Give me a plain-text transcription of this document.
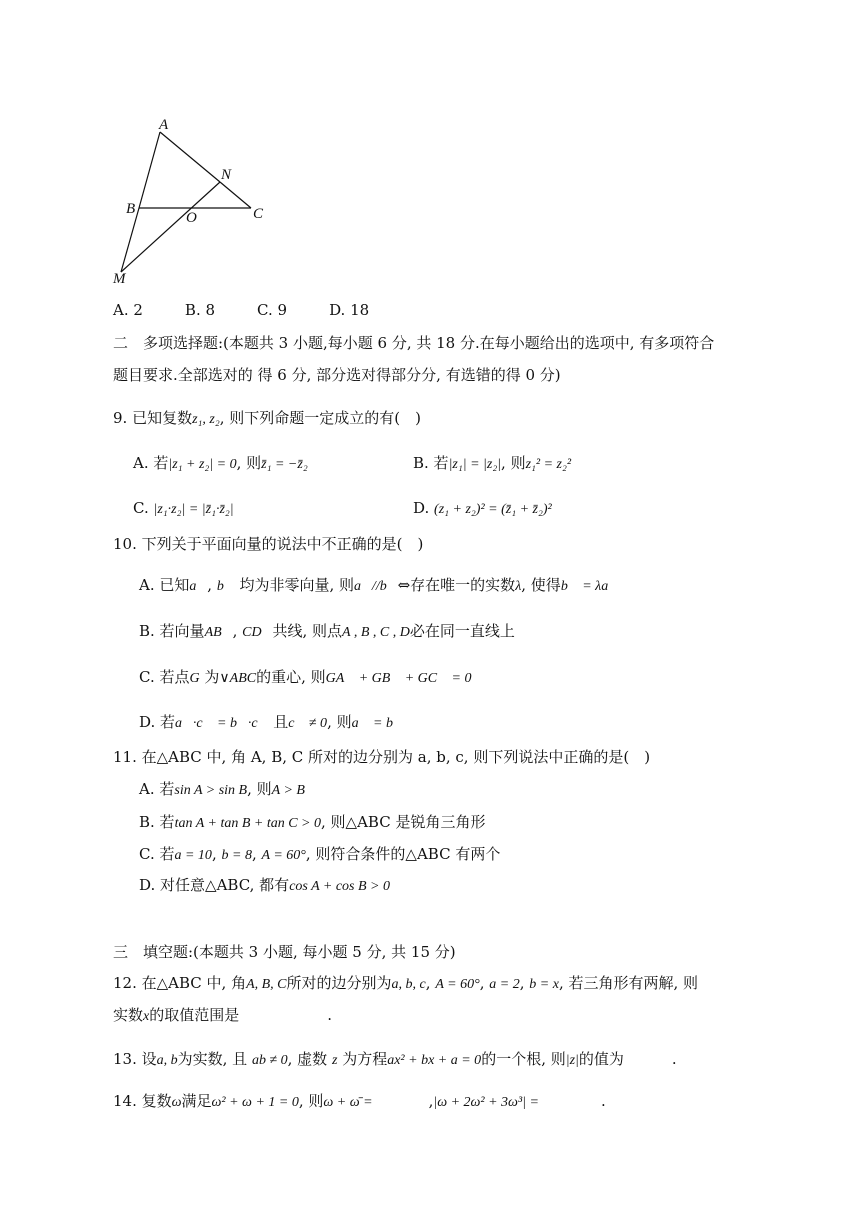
A
N
B
O	C
M
A. 2	B. 8	C. 9	D. 18
二　多项选择题:(本题共 3 小题,每小题 6 分, 共 18 分.在每小题给出的选项中, 有多项符合
题目要求.全部选对的 得 6 分, 部分选对得部分分, 有选错的得 0 分)
9. 已知复数z₁, z₂, 则下列命题一定成立的有(　)
A. 若|z₁ + z₂| = 0, 则z̄₁ = −z̄₂	B. 若|z₁| = |z₂|, 则z₁² = z₂²
C. |z₁·z₂| = |z̄₁·z̄₂|	D. (z₁ + z₂)² = (z̄₁ + z̄₂)²
10. 下列关于平面向量的说法中不正确的是(　)
A. 已知a⃗, b⃗ 均为非零向量, 则a⃗//b⃗⇔存在唯一的实数λ, 使得b⃗ = λa⃗
B. 若向量AB⃗, CD⃗共线, 则点A , B , C , D必在同一直线上
C. 若点G 为∨ABC的重心, 则GA⃗ + GB⃗ + GC⃗ = 0⃗
D. 若a⃗·c⃗ = b⃗·c⃗ 且c⃗ ≠ 0, 则a⃗ = b⃗
11. 在△ABC 中, 角 A, B, C 所对的边分别为 a, b, c, 则下列说法中正确的是(　)
A. 若sin A > sin B, 则A > B
B. 若tan A + tan B + tan C > 0, 则△ABC 是锐角三角形
C. 若a = 10, b = 8, A = 60°, 则符合条件的△ABC 有两个
D. 对任意△ABC, 都有cos A + cos B > 0
三　填空题:(本题共 3 小题, 每小题 5 分, 共 15 分)
12. 在△ABC 中, 角A, B, C所对的边分别为a, b, c, A = 60°, a = 2, b = x, 若三角形有两解, 则
实数x的取值范围是	.
13. 设a, b为实数, 且 ab ≠ 0, 虚数 z 为方程ax² + bx + a = 0的一个根, 则|z|的值为	.
14. 复数ω满足ω² + ω + 1 = 0, 则ω + ω̄ =	,|ω + 2ω² + 3ω³| =	.
